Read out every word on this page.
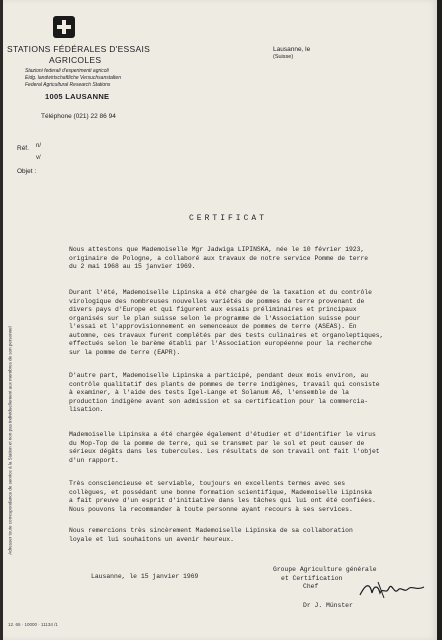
STATIONS FÉDÉRALES D'ESSAIS
AGRICOLES
Stazioni federali d'esperimenti agricoli
Eidg. landwirtschaftliche Versuchsanstalten
Federal Agricultural Research Stations
1005 LAUSANNE
Téléphone (021) 22 86 94
Lausanne, le
(Suisse)
Réf. n/
v/
Objet :
CERTIFICAT
Nous attestons que Mademoiselle Mgr Jadwiga LIPINSKA, née le 10 février 1923,
originaire de Pologne, a collaboré aux travaux de notre service Pomme de terre
du 2 mai 1968 au 15 janvier 1969.
Durant l'été, Mademoiselle Lipinska a été chargée de la taxation et du contrôle
virologique des nombreuses nouvelles variétés de pommes de terre provenant de
divers pays d'Europe et qui figurent aux essais préliminaires et principaux
organisés sur le plan suisse selon le programme de l'Association suisse pour
l'essai et l'approvisionnement en semenceaux de pommes de terre (ASEAS). En
automne, ces travaux furent complétés par des tests culinaires et organoleptiques,
effectués selon le barème établi par l'Association européenne pour la recherche
sur la pomme de terre (EAPR).
D'autre part, Mademoiselle Lipinska a participé, pendant deux mois environ, au
contrôle qualitatif des plants de pommes de terre indigènes, travail qui consiste
à examiner, à l'aide des tests Igel-Lange et Solanum A6, l'ensemble de la
production indigène avant son admission et sa certification pour la commercia-
lisation.
Mademoiselle Lipinska a été chargée également d'étudier et d'identifier le virus
du Mop-Top de la pomme de terre, qui se transmet par le sol et peut causer de
sérieux dégâts dans les tubercules. Les résultats de son travail ont fait l'objet
d'un rapport.
Très consciencieuse et serviable, toujours en excellents termes avec ses
collègues, et possédant une bonne formation scientifique, Mademoiselle Lipinska
a fait preuve d'un esprit d'initiative dans les tâches qui lui ont été confiées.
Nous pouvons la recommander à toute personne ayant recours à ses services.
Nous remercions très sincèrement Mademoiselle Lipinska de sa collaboration
loyale et lui souhaitons un avenir heureux.
Lausanne, le 15 janvier 1969
Groupe Agriculture générale
et Certification
Chef
Dr J. Münster
Adresser toute correspondance de service à la Station et non pas individuellement aux membres de son personnel
12. 65 · 10000 · 11134 /1
